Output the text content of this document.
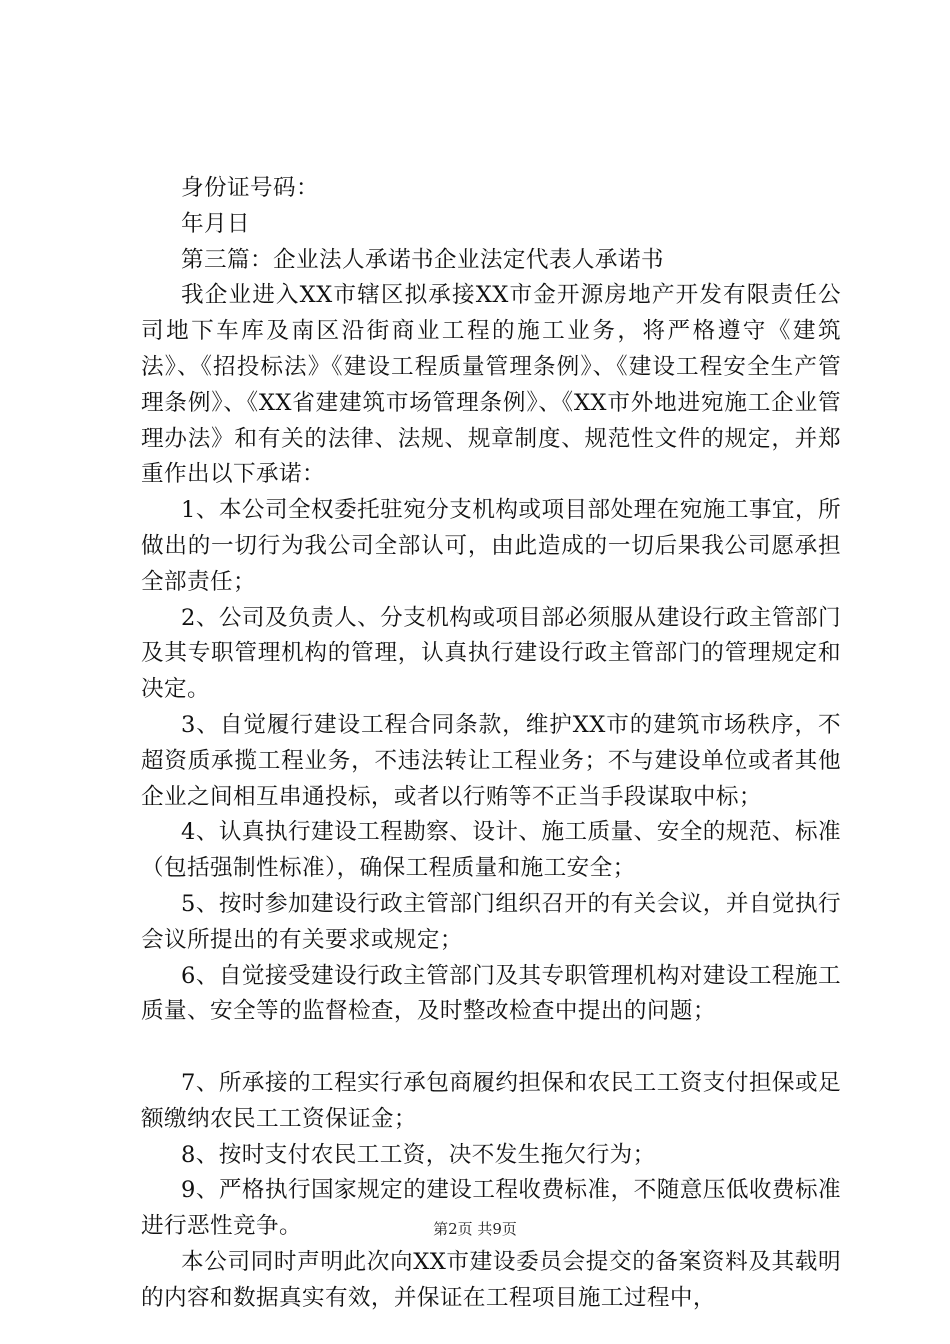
身份证号码：

年月日

第三篇：企业法人承诺书企业法定代表人承诺书

我企业进入XX市辖区拟承接XX市金开源房地产开发有限责任公司地下车库及南区沿街商业工程的施工业务，将严格遵守《建筑法》、《招投标法》《建设工程质量管理条例》、《建设工程安全生产管理条例》、《XX省建建筑市场管理条例》、《XX市外地进宛施工企业管理办法》和有关的法律、法规、规章制度、规范性文件的规定，并郑重作出以下承诺：

1、本公司全权委托驻宛分支机构或项目部处理在宛施工事宜，所做出的一切行为我公司全部认可，由此造成的一切后果我公司愿承担全部责任；

2、公司及负责人、分支机构或项目部必须服从建设行政主管部门及其专职管理机构的管理，认真执行建设行政主管部门的管理规定和决定。

3、自觉履行建设工程合同条款，维护XX市的建筑市场秩序，不超资质承揽工程业务，不违法转让工程业务；不与建设单位或者其他企业之间相互串通投标，或者以行贿等不正当手段谋取中标；

4、认真执行建设工程勘察、设计、施工质量、安全的规范、标准（包括强制性标准），确保工程质量和施工安全；

5、按时参加建设行政主管部门组织召开的有关会议，并自觉执行会议所提出的有关要求或规定；

6、自觉接受建设行政主管部门及其专职管理机构对建设工程施工质量、安全等的监督检查，及时整改检查中提出的问题；

7、所承接的工程实行承包商履约担保和农民工工资支付担保或足额缴纳农民工工资保证金；

8、按时支付农民工工资，决不发生拖欠行为；

9、严格执行国家规定的建设工程收费标准，不随意压低收费标准进行恶性竞争。

本公司同时声明此次向XX市建设委员会提交的备案资料及其载明的内容和数据真实有效，并保证在工程项目施工过程中，

第2页 共9页
